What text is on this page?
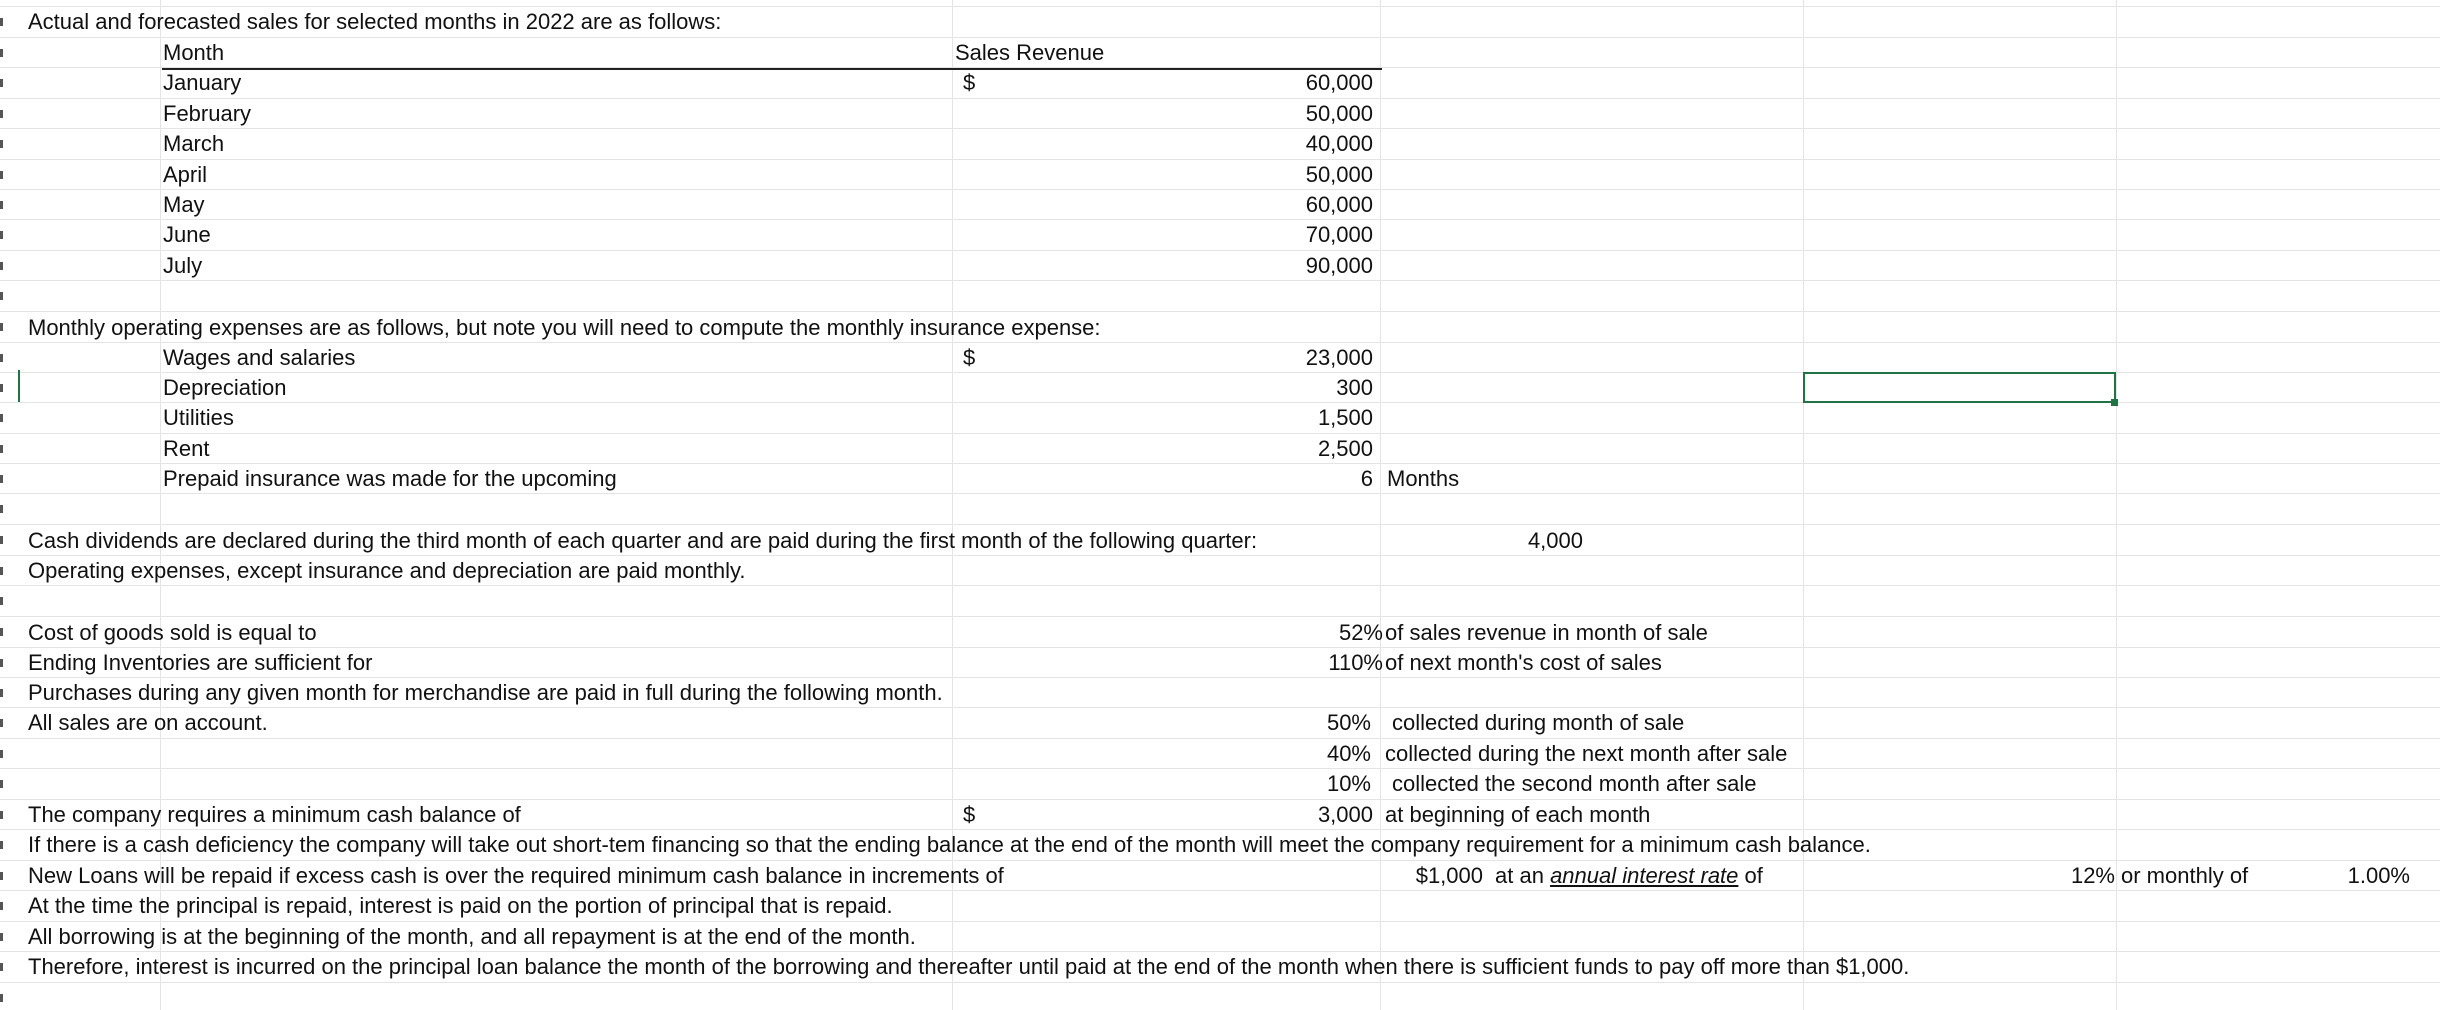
Actual and forecasted sales for selected months in 2022 are as follows:
Month	Sales Revenue
$
January	60,000
February	50,000
March	40,000
April	50,000
May	60,000
June	70,000
July	90,000
Monthly operating expenses are as follows, but note you will need to compute the monthly insurance expense:
$
Wages and salaries	23,000
Depreciation	300
Utilities	1,500
Rent	2,500
Prepaid insurance was made for the upcoming	6 Months
Cash dividends are declared during the third month of each quarter and are paid during the first month of the following quarter:	4,000
Operating expenses, except insurance and depreciation are paid monthly.
Cost of goods sold is equal to	52% of sales revenue in month of sale
Ending Inventories are sufficient for	110% of next month's cost of sales
Purchases during any given month for merchandise are paid in full during the following month.
All sales are on account.	50% collected during month of sale
40% collected during the next month after sale
10% collected the second month after sale
The company requires a minimum cash balance of	$	3,000 at beginning of each month
If there is a cash deficiency the company will take out short-tem financing so that the ending balance at the end of the month will meet the company requirement for a minimum cash balance.
New Loans will be repaid if excess cash is over the required minimum cash balance in increments of	$1,000 at an annual interest rate of	12% or monthly of	1.00%
At the time the principal is repaid, interest is paid on the portion of principal that is repaid.
All borrowing is at the beginning of the month, and all repayment is at the end of the month.
Therefore, interest is incurred on the principal loan balance the month of the borrowing and thereafter until paid at the end of the month when there is sufficient funds to pay off more than $1,000.
